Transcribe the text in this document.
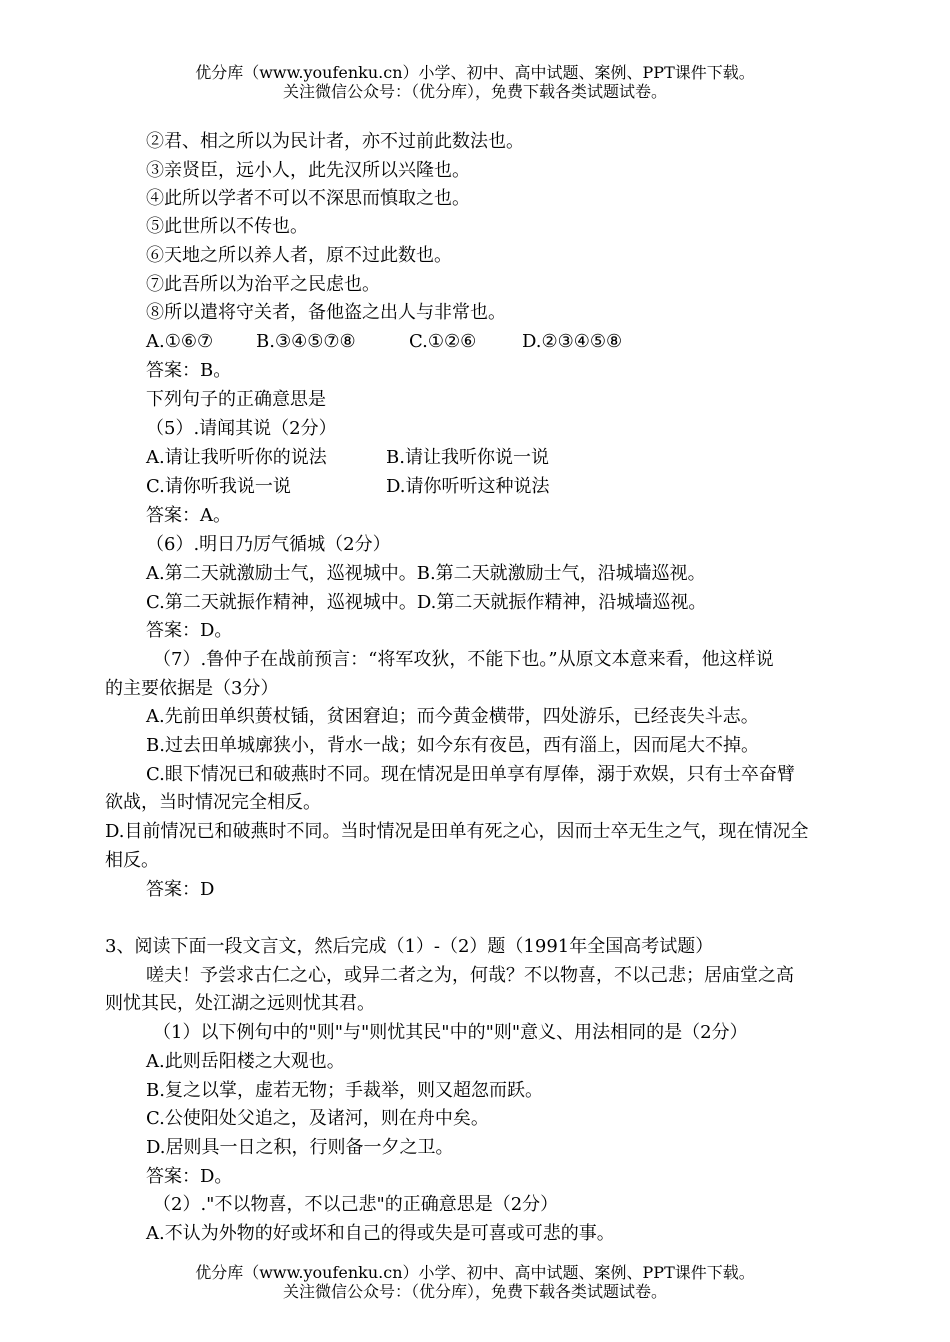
优分库（www.youfenku.cn）小学、初中、高中试题、案例、PPT课件下载。
关注微信公众号：（优分库），免费下载各类试题试卷。
②君、相之所以为民计者，亦不过前此数法也。
③亲贤臣，远小人，此先汉所以兴隆也。
④此所以学者不可以不深思而慎取之也。
⑤此世所以不传也。
⑥天地之所以养人者，原不过此数也。
⑦此吾所以为治平之民虑也。
⑧所以遣将守关者，备他盗之出人与非常也。
A.①⑥⑦ B.③④⑤⑦⑧	C.①②⑥	D.②③④⑤⑧
答案：B。
下列句子的正确意思是
（5）.请闻其说（2分）
A.请让我听听你的说法	B.请让我听你说一说
C.请你听我说一说	D.请你听听这种说法
答案：A。
（6）.明日乃厉气循城（2分）
A.第二天就激励士气，巡视城中。B.第二天就激励士气，沿城墙巡视。
C.第二天就振作精神，巡视城中。D.第二天就振作精神，沿城墙巡视。
答案：D。
（7）.鲁仲子在战前预言：“将军攻狄，不能下也。”从原文本意来看，他这样说
的主要依据是（3分）
A.先前田单织蒉杖锸，贫困窘迫；而今黄金横带，四处游乐，已经丧失斗志。
B.过去田单城廓狭小，背水一战；如今东有夜邑，西有淄上，因而尾大不掉。
C.眼下情况已和破燕时不同。现在情况是田单享有厚俸，溺于欢娱，只有士卒奋臂
欲战，当时情况完全相反。
D.目前情况已和破燕时不同。当时情况是田单有死之心，因而士卒无生之气，现在情况全
相反。
答案：D
3、阅读下面一段文言文，然后完成（1）-（2）题（1991年全国高考试题）
嗟夫！予尝求古仁之心，或异二者之为，何哉？不以物喜，不以己悲；居庙堂之高
则忧其民，处江湖之远则忧其君。
（1）以下例句中的"则"与"则忧其民"中的"则"意义、用法相同的是（2分）
A.此则岳阳楼之大观也。
B.复之以掌，虚若无物；手裁举，则又超忽而跃。
C.公使阳处父追之，及诸河，则在舟中矣。
D.居则具一日之积，行则备一夕之卫。
答案：D。
（2）."不以物喜，不以己悲"的正确意思是（2分）
A.不认为外物的好或坏和自己的得或失是可喜或可悲的事。
优分库（www.youfenku.cn）小学、初中、高中试题、案例、PPT课件下载。
关注微信公众号：（优分库），免费下载各类试题试卷。
